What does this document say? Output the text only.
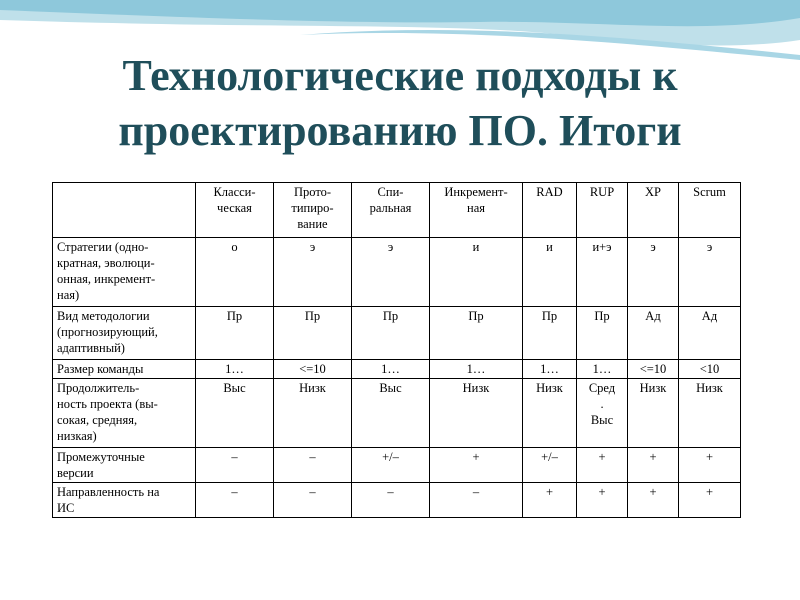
Технологические подходы к
проектированию ПО. Итоги
	Класси-
ческая	Прото-
типиро-
вание	Спи-
ральная	Инкремент-
ная	RAD	RUP	XP	Scrum
Стратегии (одно-
кратная, эволюци-
онная, инкремент-
ная)	о	э	э	и	и	и+э	э	э
Вид методологии
(прогнозирующий,
адаптивный)	Пр	Пр	Пр	Пр	Пр	Пр	Ад	Ад
Размер команды	1…	<=10	1…	1…	1…	1…	<=10	<10
Продолжитель-
ность проекта (вы-
сокая, средняя,
низкая)	Выс	Низк	Выс	Низк	Низк	Сред
.
Выс	Низк	Низк
Промежуточные
версии	–	–	+/–	+	+/–	+	+	+
Направленность на
ИС	–	–	–	–	+	+	+	+
